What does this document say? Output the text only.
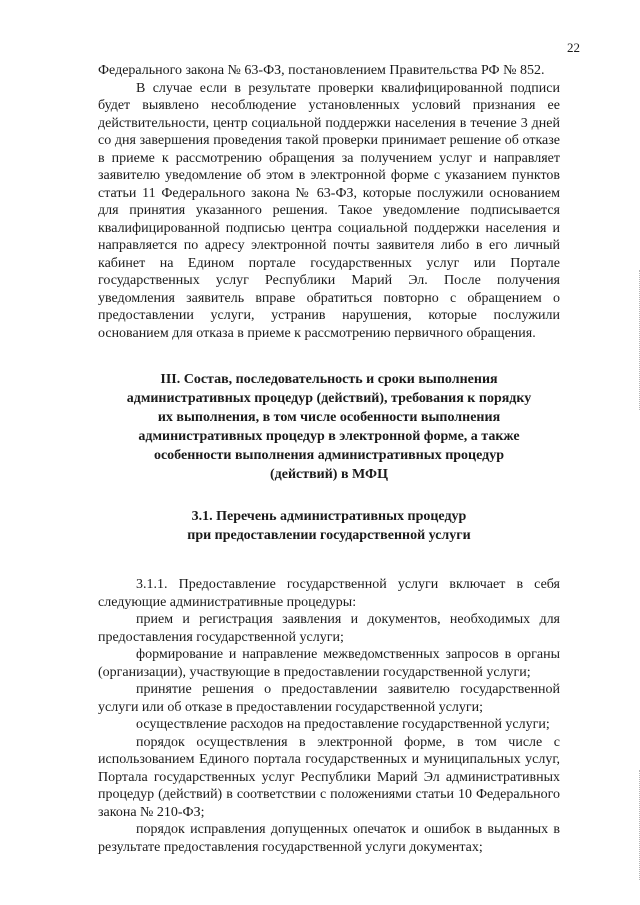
22

Федерального закона № 63-ФЗ, постановлением Правительства РФ № 852.

В случае если в результате проверки квалифицированной подписи будет выявлено несоблюдение установленных условий признания ее действительности, центр социальной поддержки населения в течение 3 дней со дня завершения проведения такой проверки принимает решение об отказе в приеме к рассмотрению обращения за получением услуг и направляет заявителю уведомление об этом в электронной форме с указанием пунктов статьи 11 Федерального закона № 63-ФЗ, которые послужили основанием для принятия указанного решения. Такое уведомление подписывается квалифицированной подписью центра социальной поддержки населения и направляется по адресу электронной почты заявителя либо в его личный кабинет на Едином портале государственных услуг или Портале государственных услуг Республики Марий Эл. После получения уведомления заявитель вправе обратиться повторно с обращением о предоставлении услуги, устранив нарушения, которые послужили основанием для отказа в приеме к рассмотрению первичного обращения.

III. Состав, последовательность и сроки выполнения
административных процедур (действий), требования к порядку
их выполнения, в том числе особенности выполнения
административных процедур в электронной форме, а также
особенности выполнения административных процедур
(действий) в МФЦ
3.1. Перечень административных процедур
при предоставлении государственной услуги

3.1.1. Предоставление государственной услуги включает в себя следующие административные процедуры:

прием и регистрация заявления и документов, необходимых для предоставления государственной услуги;

формирование и направление межведомственных запросов в органы (организации), участвующие в предоставлении государственной услуги;

принятие решения о предоставлении заявителю государственной услуги или об отказе в предоставлении государственной услуги;

осуществление расходов на предоставление государственной услуги;

порядок осуществления в электронной форме, в том числе с использованием Единого портала государственных и муниципальных услуг, Портала государственных услуг Республики Марий Эл административных процедур (действий) в соответствии с положениями статьи 10 Федерального закона № 210-ФЗ;

порядок исправления допущенных опечаток и ошибок в выданных в результате предоставления государственной услуги документах;
